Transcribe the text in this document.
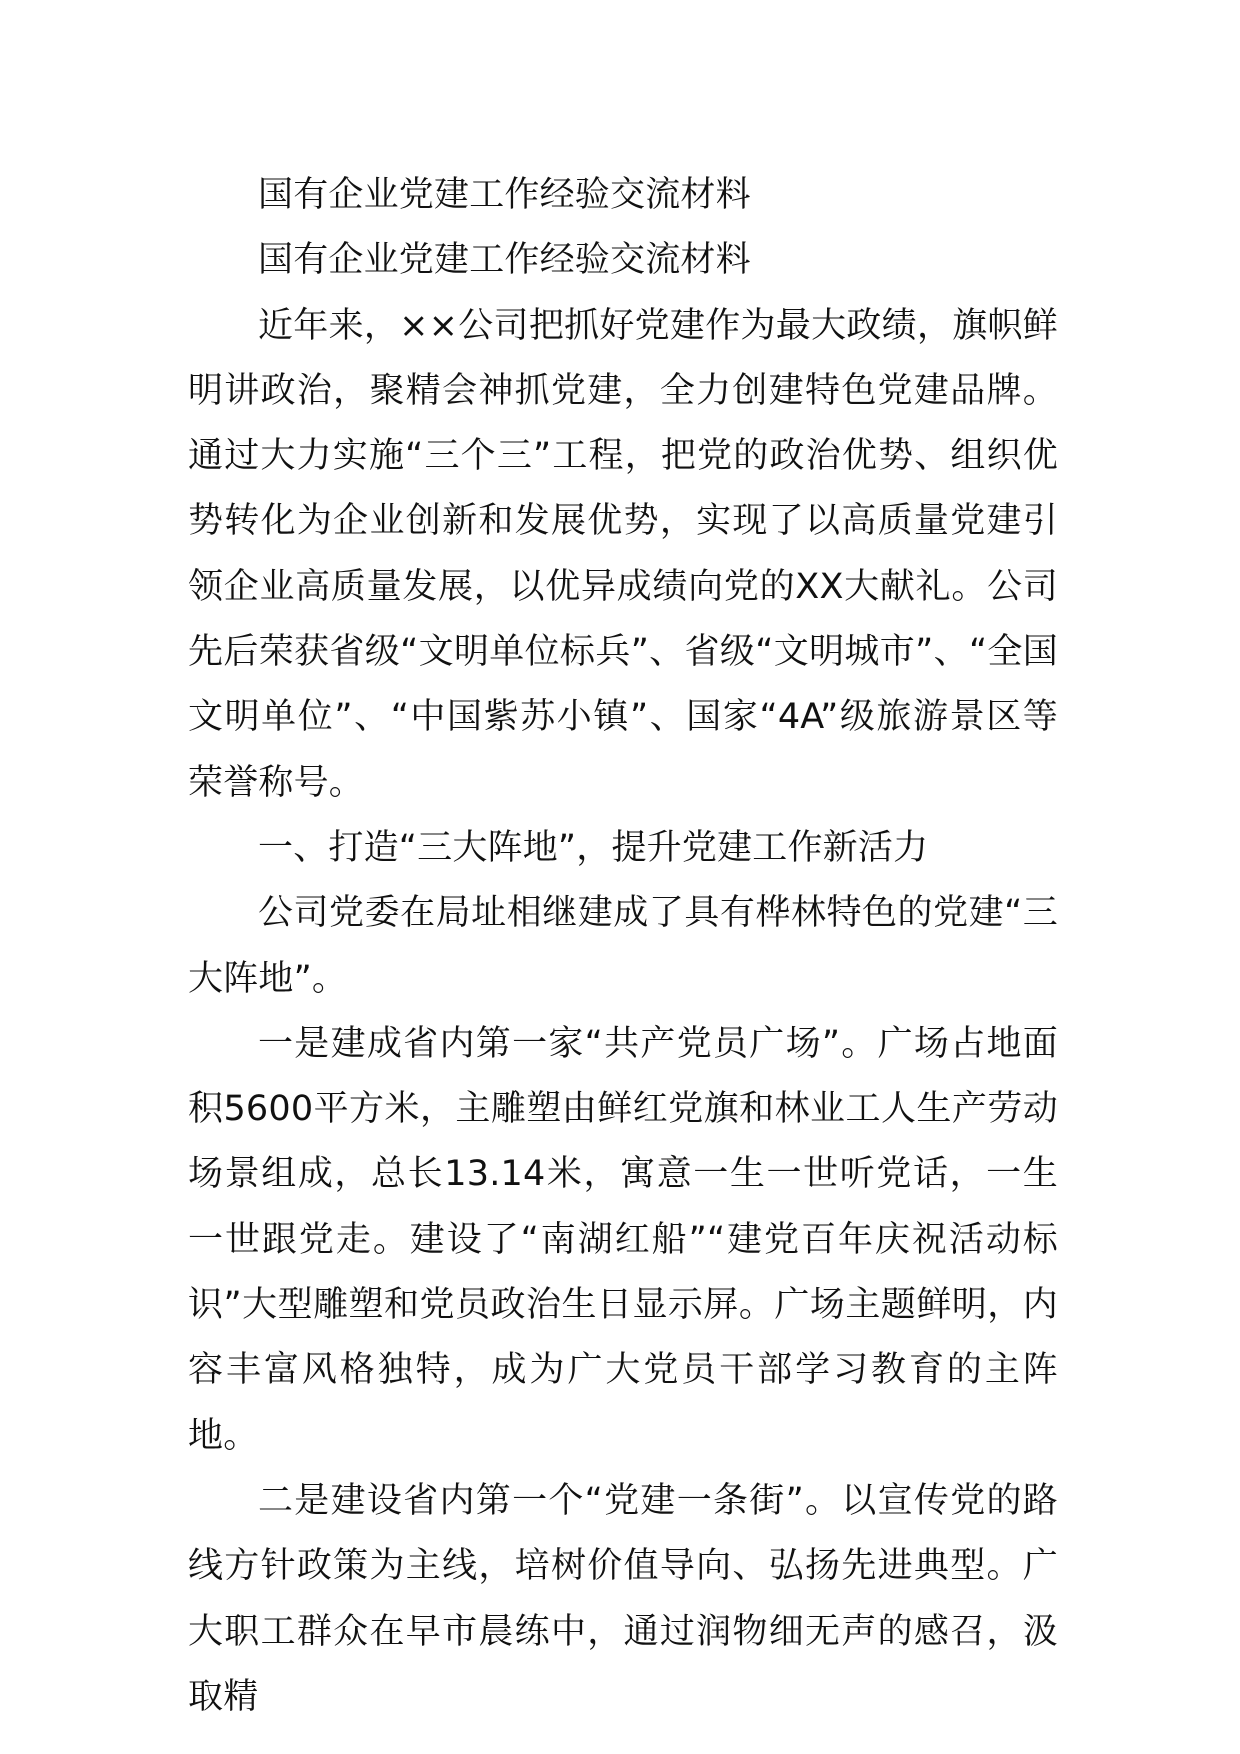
国有企业党建工作经验交流材料

国有企业党建工作经验交流材料

近年来，××公司把抓好党建作为最大政绩，旗帜鲜明讲政治，聚精会神抓党建，全力创建特色党建品牌。通过大力实施“三个三”工程，把党的政治优势、组织优势转化为企业创新和发展优势，实现了以高质量党建引领企业高质量发展，以优异成绩向党的XX大献礼。公司先后荣获省级“文明单位标兵”、省级“文明城市”、“全国文明单位”、“中国紫苏小镇”、国家“4A”级旅游景区等荣誉称号。

一、打造“三大阵地”，提升党建工作新活力

公司党委在局址相继建成了具有桦林特色的党建“三大阵地”。

一是建成省内第一家“共产党员广场”。广场占地面积5600平方米，主雕塑由鲜红党旗和林业工人生产劳动场景组成，总长13.14米，寓意一生一世听党话，一生一世跟党走。建设了“南湖红船”“建党百年庆祝活动标识”大型雕塑和党员政治生日显示屏。广场主题鲜明，内容丰富风格独特，成为广大党员干部学习教育的主阵地。

二是建设省内第一个“党建一条街”。以宣传党的路线方针政策为主线，培树价值导向、弘扬先进典型。广大职工群众在早市晨练中，通过润物细无声的感召，汲取精
